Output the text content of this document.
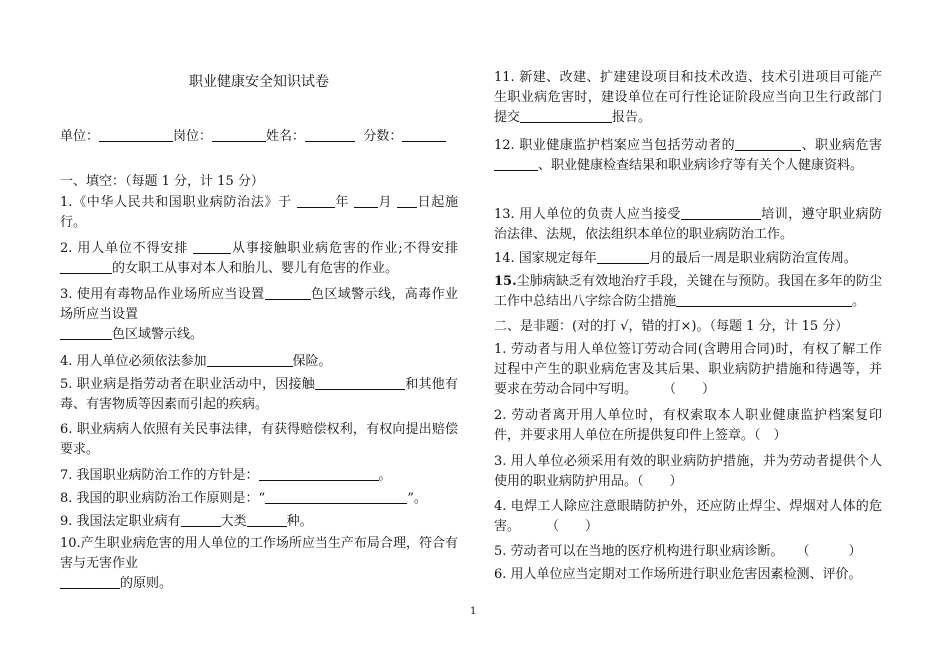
职业健康安全知识试卷

单位：	岗位：	姓名：	分数：

一、填空：（每题 1 分，计 15 分）

1.《中华人民共和国职业病防治法》于	年 月 日起施行。

2. 用人单位不得安排	从事接触职业病危害的作业;不得安排的女职工从事对本人和胎儿、婴儿有危害的作业。

3. 使用有毒物品作业场所应当设置	色区域警示线，高毒作业场所应当设置
色区域警示线。

4. 用人单位必须依法参加	保险。

5. 职业病是指劳动者在职业活动中，因接触	和其他有毒、有害物质等因素而引起的疾病。

6. 职业病病人依照有关民事法律，有获得赔偿权利，有权向提出赔偿要求。

7. 我国职业病防治工作的方针是：	。

8. 我国的职业病防治工作原则是：“	”。

9. 我国法定职业病有	大类	种。

10.产生职业病危害的用人单位的工作场所应当生产布局合理，符合有害与无害作业
的原则。

11. 新建、改建、扩建建设项目和技术改造、技术引进项目可能产生职业病危害时，建设单位在可行性论证阶段应当向卫生行政部门提交	报告。

12. 职业健康监护档案应当包括劳动者的	、职业病危害、职业健康检查结果和职业病诊疗等有关个人健康资料。

13. 用人单位的负责人应当接受	培训，遵守职业病防治法律、法规，依法组织本单位的职业病防治工作。

14. 国家规定每年	月的最后一周是职业病防治宣传周。

15.尘肺病缺乏有效地治疗手段，关键在与预防。我国在多年的防尘工作中总结出八字综合防尘措施	。

二、是非题：(对的打 √，错的打×)。（每题 1 分，计 15 分）

1. 劳动者与用人单位签订劳动合同(含聘用合同)时，有权了解工作过程中产生的职业病危害及其后果、职业病防护措施和待遇等，并要求在劳动合同中写明。　　　（　　）

2. 劳动者离开用人单位时，有权索取本人职业健康监护档案复印件，并要求用人单位在所提供复印件上签章。（　）

3. 用人单位必须采用有效的职业病防护措施，并为劳动者提供个人使用的职业病防护用品。（　　）

4. 电焊工人除应注意眼睛防护外，还应防止焊尘、焊烟对人体的危害。　　　（　　）

5. 劳动者可以在当地的医疗机构进行职业病诊断。　　（　　　）

6. 用人单位应当定期对工作场所进行职业危害因素检测、评价。

1
